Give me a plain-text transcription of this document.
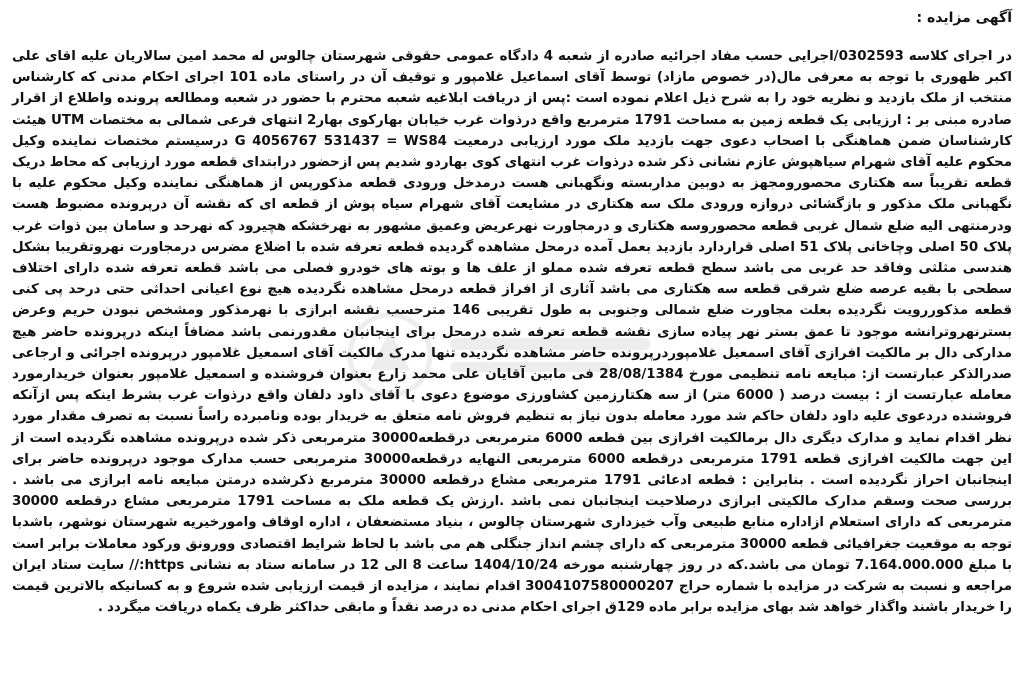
آگهی مزایده :

در اجرای کلاسه 0302593/اجرایی حسب مفاد اجرائیه صادره از شعبه 4 دادگاه عمومی حقوقی شهرستان چالوس له محمد امین سالاریان علیه اقای علی اکبر ظهوری با توجه به معرفی مال(در خصوص مازاد) توسط آقای اسماعیل غلامپور و توقیف آن در راستای ماده 101 اجرای احکام مدنی که کارشناس منتخب از ملک بازدید و نظریه خود را به شرح ذیل اعلام نموده است :پس از دریافت ابلاغیه شعبه محترم با حضور در شعبه ومطالعه پرونده واطلاع از اقرار صادره مبنی بر : ارزیابی یک قطعه زمین به مساحت 1791 مترمربع واقع درذوات غرب خیابان بهارکوی بهار2 انتهای فرعی شمالی به مختصات UTM هیئت کارشناسان ضمن هماهنگی با اصحاب دعوی جهت بازدید ملک مورد ارزیابی درمعیت G 4056767 531437 = WS84 درسیستم مختصات نماینده وکیل محکوم علیه آقای شهرام سیاهپوش عازم نشانی ذکر شده درذوات غرب انتهای کوی بهاردو شدیم پس ازحضور درابتدای قطعه مورد ارزیابی که محاط دریک قطعه تقریباً سه هکتاری محصورومجهز به دوبین مداربسته ونگهبانی هست درمدخل ورودی قطعه مذکورپس از هماهنگی نماینده وکیل محکوم علیه با نگهبانی ملک مذکور و بازگشائی دروازه ورودی ملک سه هکتاری در مشایعت آقای شهرام سیاه پوش از قطعه ای که نقشه آن درپرونده مضبوط هست ودرمنتهی الیه ضلع شمال غربی قطعه محصوروسه هکتاری و درمجاورت نهرعریض وعمیق مشهور به نهرخشکه هچیرود که نهرحد و سامان بین ذوات غرب پلاک 50 اصلی وچاخانی پلاک 51 اصلی قراردارد بازدید بعمل آمده درمحل مشاهده گردیده قطعه تعرفه شده با اضلاع مضرس درمجاورت نهروتقریبا بشکل هندسی مثلثی وفاقد حد غربی می باشد سطح قطعه تعرفه شده مملو از علف ها و بوته های خودرو فصلی می باشد قطعه تعرفه شده دارای اختلاف سطحی با بقیه عرصه ضلع شرقی قطعه سه هکتاری می باشد آثاری از افراز قطعه درمحل مشاهده نگردیده هیچ نوع اعیانی احداثی حتی درحد پی کنی قطعه مذکوررویت نگردیده بعلت مجاورت ضلع شمالی وجنوبی به طول تقریبی 146 مترحسب نقشه ابرازی با نهرمذکور ومشخص نبودن حریم وعرض بسترنهروترانشه موجود تا عمق بستر نهر پیاده سازی نقشه قطعه تعرفه شده درمحل برای اینجانبان مقدورنمی باشد مضافاً اینکه درپرونده حاضر هیچ مدارکی دال بر مالکیت افرازی آقای اسمعیل غلامپوردرپرونده حاضر مشاهده نگردیده تنها مدرک مالکیت آقای اسمعیل غلامپور درپرونده اجرائی و ارجاعی صدرالذکر عبارتست از: مبایعه نامه تنظیمی مورخ 28/08/1384 فی مابین آقایان علی محمد زارع بعنوان فروشنده و اسمعیل غلامپور بعنوان خریدارمورد معامله عبارتست از : بیست درصد ( 6000 متر) از سه هکتارزمین کشاورزی موضوع دعوی با آقای داود دلفان واقع درذوات غرب بشرط اینکه پس ازآنکه فروشنده دردعوی علیه داود دلفان حاکم شد مورد معامله بدون نیاز به تنظیم فروش نامه متعلق به خریدار بوده ونامبرده راساً نسبت به تصرف مقدار مورد نظر اقدام نماید و مدارک دیگری دال برمالکیت افرازی بین قطعه 6000 مترمربعی درقطعه30000 مترمربعی ذکر شده درپرونده مشاهده نگردیده است از این جهت مالکیت افرازی قطعه 1791 مترمربعی درقطعه 6000 مترمربعی النهایه درقطعه30000 مترمربعی حسب مدارک موجود درپرونده حاضر برای اینجانبان احراز نگردیده است . بنابراین : قطعه ادعائی 1791 مترمربعی مشاع درقطعه 30000 مترمربع ذکرشده درمتن مبایعه نامه ابرازی می باشد . بررسی صحت وسقم مدارک مالکیتی ابرازی درصلاحیت اینجانبان نمی باشد .ارزش یک قطعه ملک به مساحت 1791 مترمربعی مشاع درقطعه 30000 مترمربعی که دارای استعلام ازاداره منابع طبیعی وآب خیزداری شهرستان چالوس ، بنیاد مستضعفان ، اداره اوقاف وامورخیریه شهرستان نوشهر، باشدبا توجه به موقعیت جغرافیائی قطعه 30000 مترمربعی که دارای چشم انداز جنگلی هم می باشد با لحاظ شرایط اقتصادی وورونق وركود معاملات برابر است با مبلغ 7.164.000.000 تومان می باشد.که در روز چهارشنبه مورخه 1404/10/24 ساعت 8 الی 12 در سامانه ستاد به نشانی https:// سایت ستاد ایران مراجعه و نسبت به شرکت در مزایده با شماره حراج 3004107580000207 اقدام نمایند ، مزایده از قیمت ارزیابی شده شروع و به کسانیکه بالاترین قیمت را خریدار باشند واگذار خواهد شد بهای مزایده برابر ماده 129ق اجرای احکام مدنی ده درصد نقداً و مابقی حداکثر ظرف یکماه دریافت میگردد .
